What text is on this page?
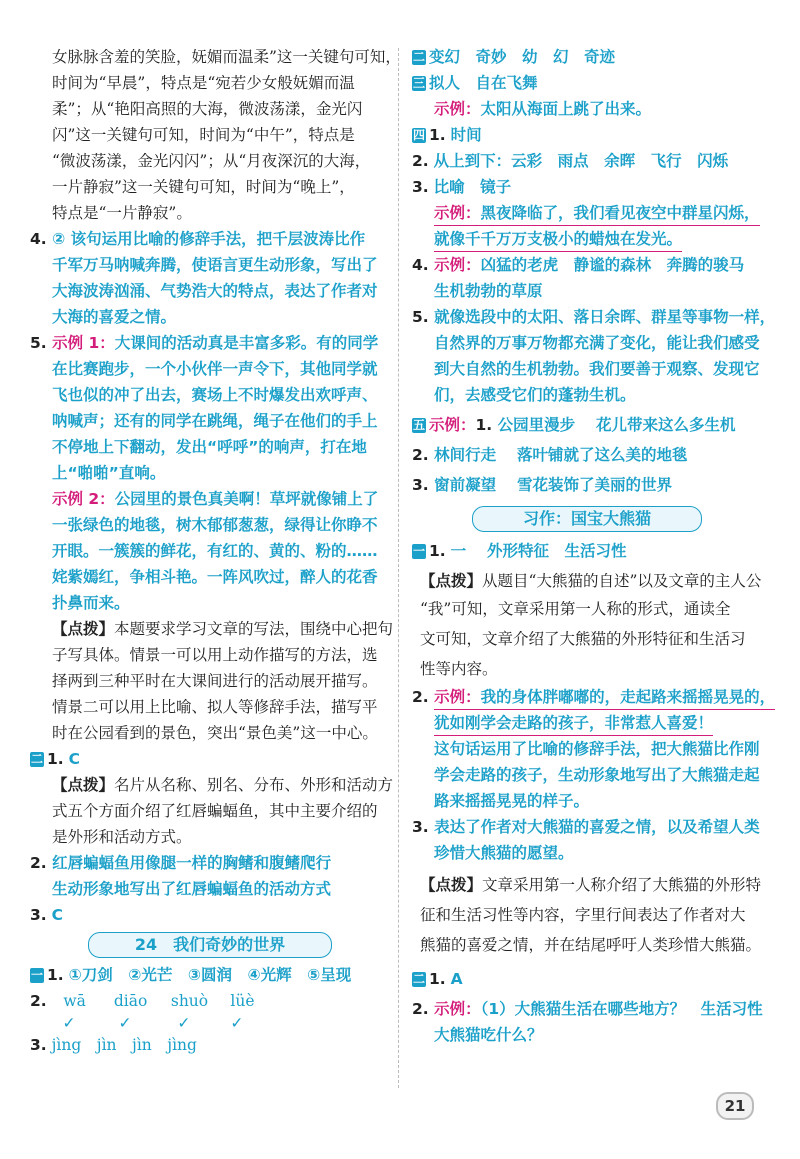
女脉脉含羞的笑脸，妩媚而温柔”这一关键句可知，
时间为“早晨”，特点是“宛若少女般妩媚而温
柔”；从“艳阳高照的大海，微波荡漾，金光闪
闪”这一关键句可知，时间为“中午”，特点是
“微波荡漾，金光闪闪”；从“月夜深沉的大海，
一片静寂”这一关键句可知，时间为“晚上”，
特点是“一片静寂”。
4. ② 该句运用比喻的修辞手法，把千层波涛比作
千军万马呐喊奔腾，使语言更生动形象，写出了
大海波涛汹涌、气势浩大的特点，表达了作者对
大海的喜爱之情。
5. 示例 1：大课间的活动真是丰富多彩。有的同学
在比赛跑步，一个小伙伴一声令下，其他同学就
飞也似的冲了出去，赛场上不时爆发出欢呼声、
呐喊声；还有的同学在跳绳，绳子在他们的手上
不停地上下翻动，发出“呼呼”的响声，打在地
上“啪啪”直响。
示例 2：公园里的景色真美啊！草坪就像铺上了
一张绿色的地毯，树木郁郁葱葱，绿得让你睁不
开眼。一簇簇的鲜花，有红的、黄的、粉的……
姹紫嫣红，争相斗艳。一阵风吹过，醉人的花香
扑鼻而来。
【点拨】本题要求学习文章的写法，围绕中心把句
子写具体。情景一可以用上动作描写的方法，选
择两到三种平时在大课间进行的活动展开描写。
情景二可以用上比喻、拟人等修辞手法，描写平
时在公园看到的景色，突出“景色美”这一中心。
二 1. C
【点拨】名片从名称、别名、分布、外形和活动方
式五个方面介绍了红唇蝙蝠鱼，其中主要介绍的
是外形和活动方式。
2. 红唇蝙蝠鱼用像腿一样的胸鳍和腹鳍爬行
生动形象地写出了红唇蝙蝠鱼的活动方式
3. C
24　我们奇妙的世界
一 1. ①刀剑　②光芒　③圆润　④光辉　⑤呈现
2. wā diāo shuò lüè
✓	✓	✓	✓
3. jìng　jìn　jìn　jìng
二 变幻　奇妙　幼　幻　奇迹
三 拟人　自在飞舞
示例：太阳从海面上跳了出来。
四 1. 时间
2. 从上到下：云彩　雨点　余晖　飞行　闪烁
3. 比喻　镜子
示例：黑夜降临了，我们看见夜空中群星闪烁，
就像千千万万支极小的蜡烛在发光。
4. 示例：凶猛的老虎　静谧的森林　奔腾的骏马
生机勃勃的草原
5. 就像选段中的太阳、落日余晖、群星等事物一样，
自然界的万事万物都充满了变化，能让我们感受
到大自然的生机勃勃。我们要善于观察、发现它
们，去感受它们的蓬勃生机。
五 示例：1. 公园里漫步　 花儿带来这么多生机
2. 林间行走　 落叶铺就了这么美的地毯
3. 窗前凝望　 雪花装饰了美丽的世界
习作：国宝大熊猫
一 1. 一　 外形特征　生活习性
【点拨】从题目“大熊猫的自述”以及文章的主人公
“我”可知，文章采用第一人称的形式，通读全
文可知，文章介绍了大熊猫的外形特征和生活习
性等内容。
2. 示例：我的身体胖嘟嘟的，走起路来摇摇晃晃的，
犹如刚学会走路的孩子，非常惹人喜爱！
这句话运用了比喻的修辞手法，把大熊猫比作刚
学会走路的孩子，生动形象地写出了大熊猫走起
路来摇摇晃晃的样子。
3. 表达了作者对大熊猫的喜爱之情，以及希望人类
珍惜大熊猫的愿望。
【点拨】文章采用第一人称介绍了大熊猫的外形特
征和生活习性等内容，字里行间表达了作者对大
熊猫的喜爱之情，并在结尾呼吁人类珍惜大熊猫。
二 1. A
2. 示例：（1）大熊猫生活在哪些地方？　生活习性
大熊猫吃什么？
21
